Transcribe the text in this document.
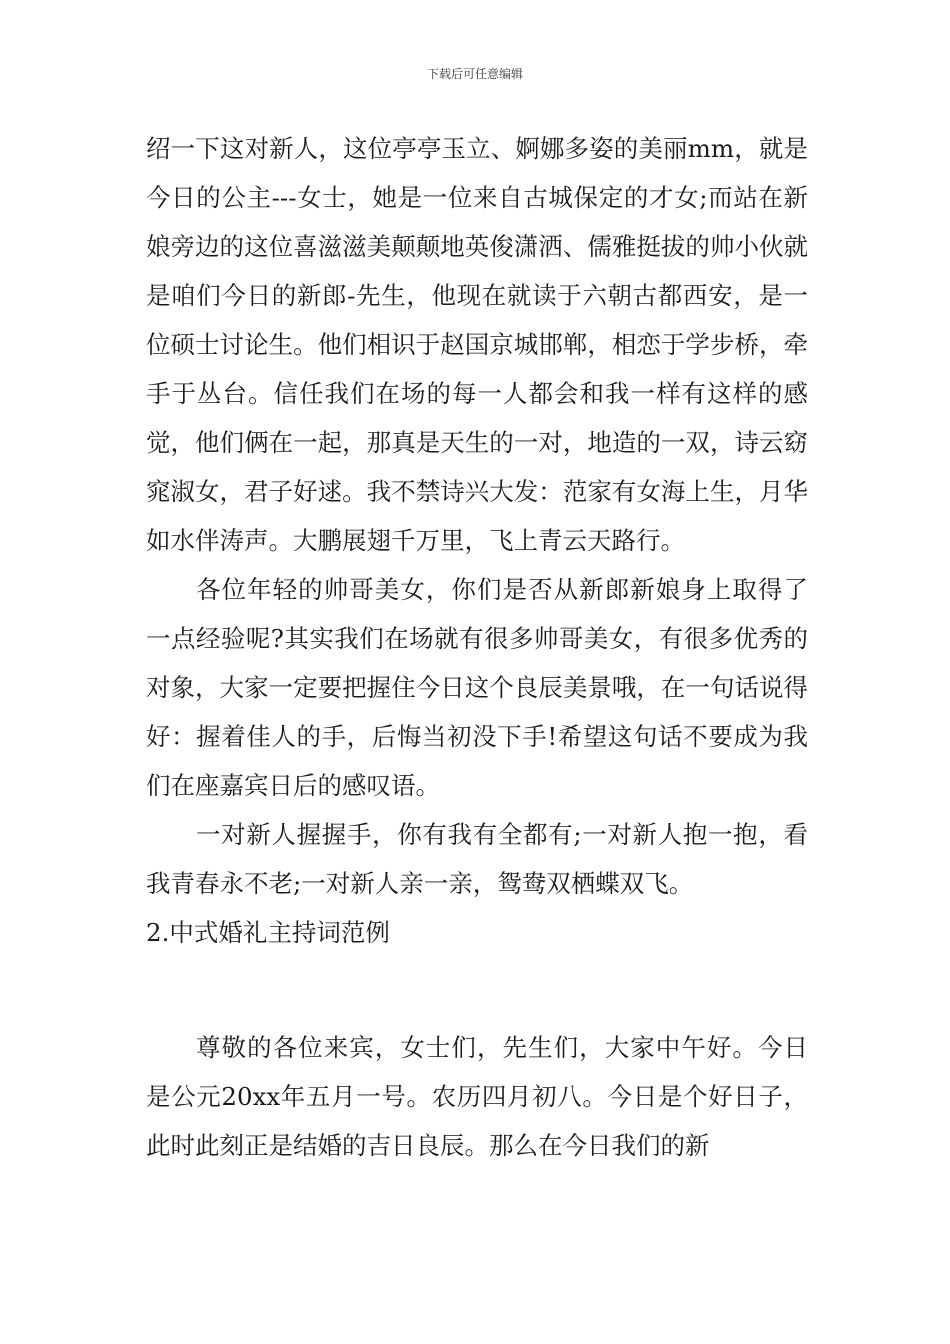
下载后可任意编辑

绍一下这对新人，这位亭亭玉立、婀娜多姿的美丽mm，就是今日的公主---女士，她是一位来自古城保定的才女;而站在新娘旁边的这位喜滋滋美颠颠地英俊潇洒、儒雅挺拔的帅小伙就是咱们今日的新郎-先生，他现在就读于六朝古都西安，是一位硕士讨论生。他们相识于赵国京城邯郸，相恋于学步桥，牵手于丛台。信任我们在场的每一人都会和我一样有这样的感觉，他们俩在一起，那真是天生的一对，地造的一双，诗云窈窕淑女，君子好逑。我不禁诗兴大发：范家有女海上生，月华如水伴涛声。大鹏展翅千万里，飞上青云天路行。

各位年轻的帅哥美女，你们是否从新郎新娘身上取得了一点经验呢?其实我们在场就有很多帅哥美女，有很多优秀的对象，大家一定要把握住今日这个良辰美景哦，在一句话说得好：握着佳人的手，后悔当初没下手!希望这句话不要成为我们在座嘉宾日后的感叹语。

一对新人握握手，你有我有全都有;一对新人抱一抱，看我青春永不老;一对新人亲一亲，鸳鸯双栖蝶双飞。

2.中式婚礼主持词范例

尊敬的各位来宾，女士们，先生们，大家中午好。今日是公元20xx年五月一号。农历四月初八。今日是个好日子，此时此刻正是结婚的吉日良辰。那么在今日我们的新
